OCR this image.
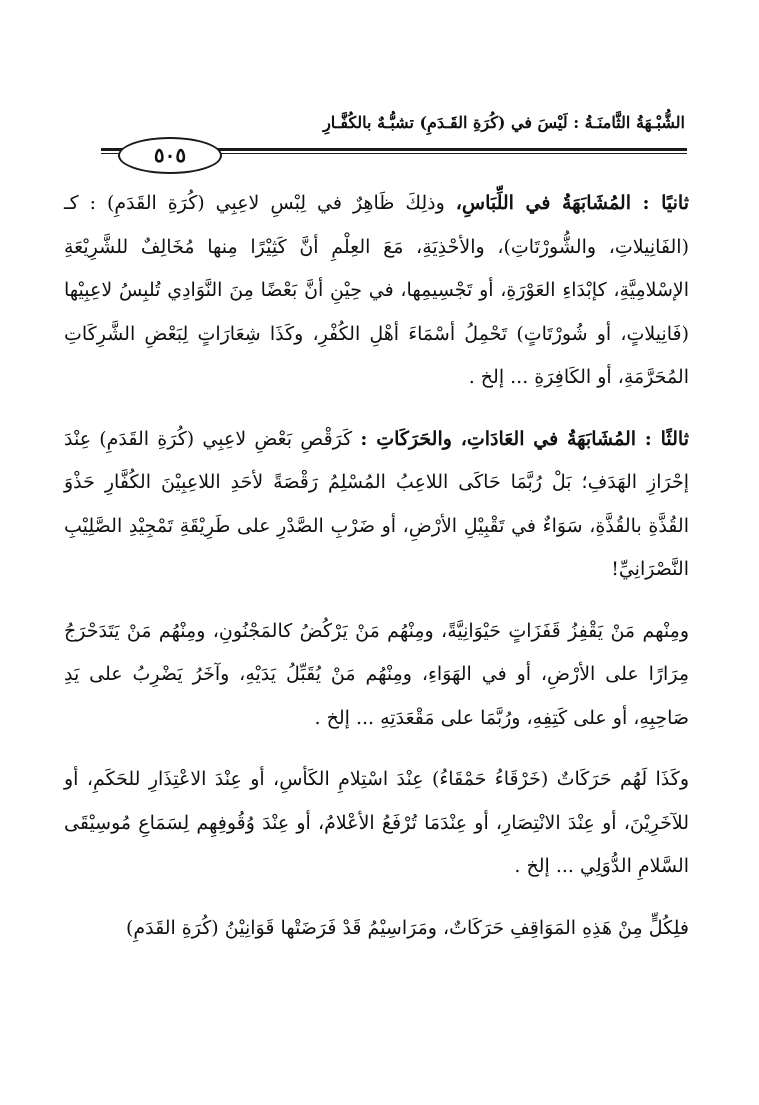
الشُّبْـهَةُ الثَّامنَـةُ : لَيْسَ في (كُرَةِ القَـدَمِ) تشبُّـهٌ بالكُفَّـارِ
٥٠٥

ثانيًا : المُشَابَهَةُ في اللِّبَاسِ، وذلِكَ ظَاهِرٌ في لِبْسِ لاعِبِي (كُرَةِ القَدَمِ) : كـ (الفَانِيلاتِ، والشُّورْتَاتِ)، والأحْذِيَةِ، مَعَ العِلْمِ أنَّ كَثِيْرًا مِنها مُخَالِفٌ للشَّرِيْعَةِ الإسْلامِيَّةِ، كإبْدَاءِ العَوْرَةِ، أو تَجْسِيمِها، في حِيْنِ أنَّ بَعْضًا مِنَ النَّوَادِي تُلبِسُ لاعِبِيْها (فَانِيلاتٍ، أو شُورْتَاتٍ) تَحْمِلُ أسْمَاءَ أهْلِ الكُفْرِ، وكَذَا شِعَارَاتٍ لِبَعْضِ الشَّرِكَاتِ المُحَرَّمَةِ، أو الكَافِرَةِ ... إلخ .

ثالثًا : المُشَابَهَةُ في العَادَاتِ، والحَرَكَاتِ : كَرَقْصِ بَعْضِ لاعِبِي (كُرَةِ القَدَمِ) عِنْدَ إحْرَازِ الهَدَفِ؛ بَلْ رُبَّمَا حَاكَى اللاعِبُ المُسْلِمُ رَقْصَةً لأحَدِ اللاعِبِيْنَ الكُفَّارِ حَذْوَ القُذَّةِ بالقُذَّةِ، سَوَاءٌ في تَقْبِيْلِ الأرْضِ، أو ضَرْبِ الصَّدْرِ على طَرِيْقَةِ تَمْجِيْدِ الصَّلِيْبِ النَّصْرَانِيِّ!

ومِنْهم مَنْ يَقْفِزُ قَفَزَاتٍ حَيْوَانِيَّةً، ومِنْهُم مَنْ يَرْكُضُ كالمَجْنُونِ، ومِنْهُم مَنْ يَتَدَحْرَجُ مِرَارًا على الأرْضِ، أو في الهَوَاءِ، ومِنْهُم مَنْ يُقَبِّلُ يَدَيْهِ، وآخَرُ يَضْرِبُ على يَدِ صَاحِبِهِ، أو على كَتِفِهِ، ورُبَّمَا على مَقْعَدَتِهِ ... إلخ .

وكَذَا لَهُم حَرَكَاتٌ (خَرْقَاءُ حَمْقَاءُ) عِنْدَ اسْتِلامِ الكَأسِ، أو عِنْدَ الاعْتِذَارِ للحَكَمِ، أو للآخَرِيْنَ، أو عِنْدَ الانْتِصَارِ، أو عِنْدَمَا تُرْفَعُ الأعْلامُ، أو عِنْدَ وُقُوفِهِم لِسَمَاعِ مُوسِيْقَى السَّلامِ الدُّوَلِي ... إلخ .

فلِكُلٍّ مِنْ هَذِهِ المَوَاقِفِ حَرَكَاتٌ، ومَرَاسِيْمُ قَدْ فَرَضَتْها قَوَانِيْنُ (كُرَةِ القَدَمِ)
